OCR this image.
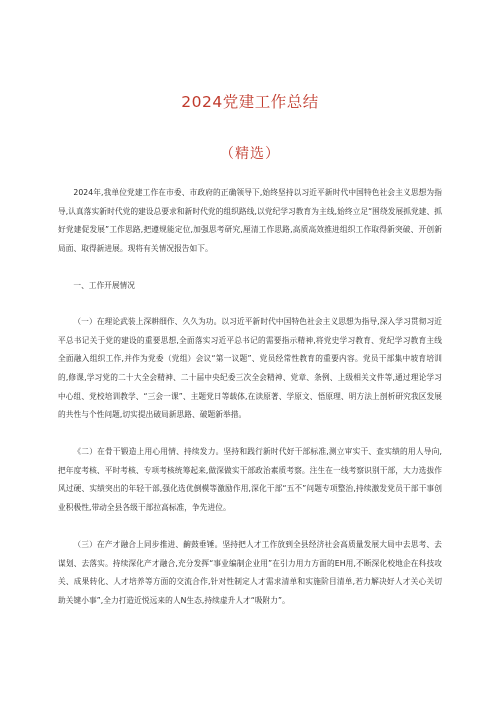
2024党建工作总结
（精选）

2024年,我单位党建工作在市委、市政府的正确领导下,始终坚持以习近平新时代中国特色社会主义思想为指导,认真落实新时代党的建设总要求和新时代党的组织路线,以党纪学习教育为主线,始终立足“围绕发展抓党建、抓好党建促发展”工作思路,把遵规能定位,加强思考研究,厘清工作思路,高质高效推进组织工作取得新突破、开创新局面、取得新进展。现将有关情况报告如下。

一、工作开展情况

（一）在理论武装上深耕细作、久久为功。以习近平新时代中国特色社会主义思想为指导,深入学习贯彻习近平总书记关于党的建设的重要思想,全面落实习近平总书记的需要指示精神,将党史学习教育、党纪学习教育主线全面融入组织工作,并作为党委（党组）会议“第一议题”、党员经常性教育的重要内容。党员干部集中坡育培训的,修课,学习党的二十大全会精神、二十届中央纪委三次全会精神、党章、条例、上级相关文件等,通过理论学习中心组、党校培训教学、“三会一课”、主题党日等载体,在读原著、学原文、悟原理、明方法上剖析研究我区发展的共性与个性问题,切实提出破局新思路、破题新举措。

《二）在骨干锻造上用心用情、持续发力。坚持和践行新时代好干部标准,测立审实干、查实绩的用人导向,把年度考核、平时考核、专项考核统筹起来,做深做实干部政治素质考察。注生在一线考察识别干部，大力选拔作风过硬、实绩突出的年轻干部,强化选优倒模等激励作用,深化干部“五不”问题专项整治,持续激发党员干部干事创业积极性,带动全县各级干部拉高标准，争先进位。

（三）在产才融合上同步推进、齣鼓垂锤。坚持把人才工作放到全县经济社会高质量发展大局中去思考、去谋划、去落实。持续深化产才融合,充分发挥“事业编制企业用”在引力用力方面的EH用,不断深化校地企在科技攻关、成果转化、人才培养等方面的交流合作,针对性制定人才需求清单和实施阶目清单,若力解决好人才关心关切助关键小事”,全力打造近悦远来的人N生态,持续虚升人才“吸附力”。
